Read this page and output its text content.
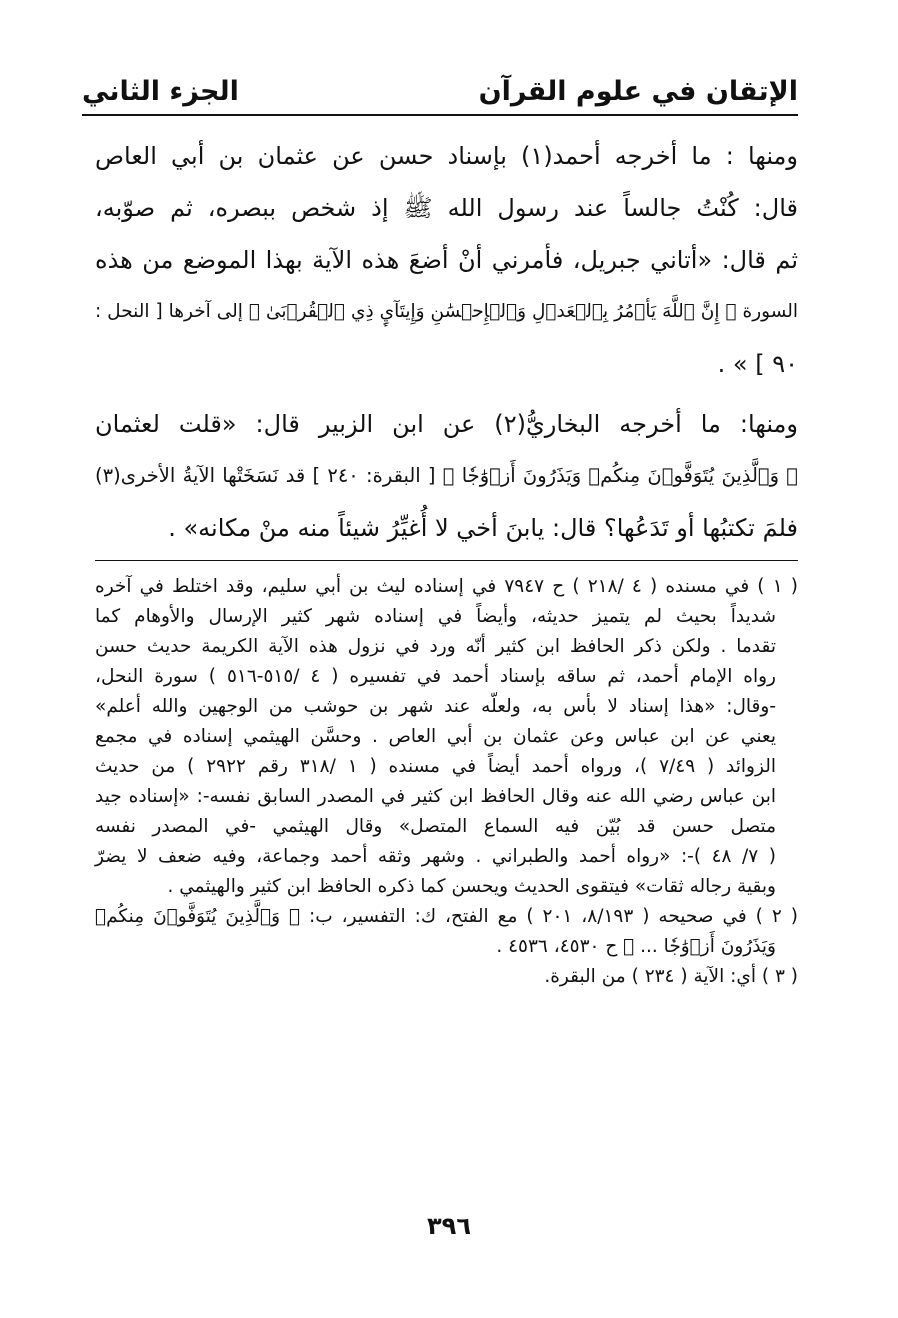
الإتقان في علوم القرآن
الجزء الثاني

ومنها : ما أخرجه أحمد(١) بإسناد حسن عن عثمان بن أبي العاص
قال: كُنْتُ جالساً عند رسول الله ﷺ إذ شخص ببصره، ثم صوّبه،
ثم قال: «أتاني جبريل، فأمرني أنْ أضعَ هذه الآية بهذا الموضع من هذه
السورة ﴿ إِنَّ ٱللَّهَ يَأۡمُرُ بِٱلۡعَدۡلِ وَٱلۡإِحۡسَٰنِ وَإِيتَآيِٕ ذِي ٱلۡقُرۡبَىٰ ﴾ إلى آخرها [ النحل :
٩٠ ] » .

ومنها: ما أخرجه البخاريُّ(٢) عن ابن الزبير قال: «قلت لعثمان
﴿ وَٱلَّذِينَ يُتَوَفَّوۡنَ مِنكُمۡ وَيَذَرُونَ أَزۡوَٰجٗا ﴾ [ البقرة: ٢٤٠ ] قد نَسَخَتْها الآيةُ الأخرى(٣)
فلمَ تكتبُها أو تَدَعُها؟ قال: يابنَ أخي لا أُغيِّرُ شيئاً منه منْ مكانه» .

( ١ ) في مسنده ( ٤ /٢١٨ ) ح ٧٩٤٧ في إسناده ليث بن أبي سليم، وقد اختلط في آخره
شديداً بحيث لم يتميز حديثه، وأيضاً في إسناده شهر كثير الإرسال والأوهام كما
تقدما . ولكن ذكر الحافظ ابن كثير أنّه ورد في نزول هذه الآية الكريمة حديث حسن
رواه الإمام أحمد، ثم ساقه بإسناد أحمد في تفسيره ( ٤ /٥١٥-٥١٦ ) سورة النحل،
-وقال: «هذا إسناد لا بأس به، ولعلّه عند شهر بن حوشب من الوجهين والله أعلم»
يعني عن ابن عباس وعن عثمان بن أبي العاص . وحسَّن الهيثمي إسناده في مجمع
الزوائد ( ٧/٤٩ )، ورواه أحمد أيضاً في مسنده ( ١ /٣١٨ رقم ٢٩٢٢ ) من حديث
ابن عباس رضي الله عنه وقال الحافظ ابن كثير في المصدر السابق نفسه-: «إسناده جيد
متصل حسن قد بُيّن فيه السماع المتصل» وقال الهيثمي -في المصدر نفسه
( ٧/ ٤٨ )-: «رواه أحمد والطبراني . وشهر وثقه أحمد وجماعة، وفيه ضعف لا يضرّ
وبقية رجاله ثقات» فيتقوى الحديث ويحسن كما ذكره الحافظ ابن كثير والهيثمي .
( ٢ ) في صحيحه ( ٨/١٩٣، ٢٠١ ) مع الفتح، ك: التفسير، ب: ﴿ وَٱلَّذِينَ يُتَوَفَّوۡنَ مِنكُمۡ
وَيَذَرُونَ أَزۡوَٰجٗا ... ﴾ ح ٤٥٣٠، ٤٥٣٦ .
( ٣ ) أي: الآية ( ٢٣٤ ) من البقرة.
٣٩٦
